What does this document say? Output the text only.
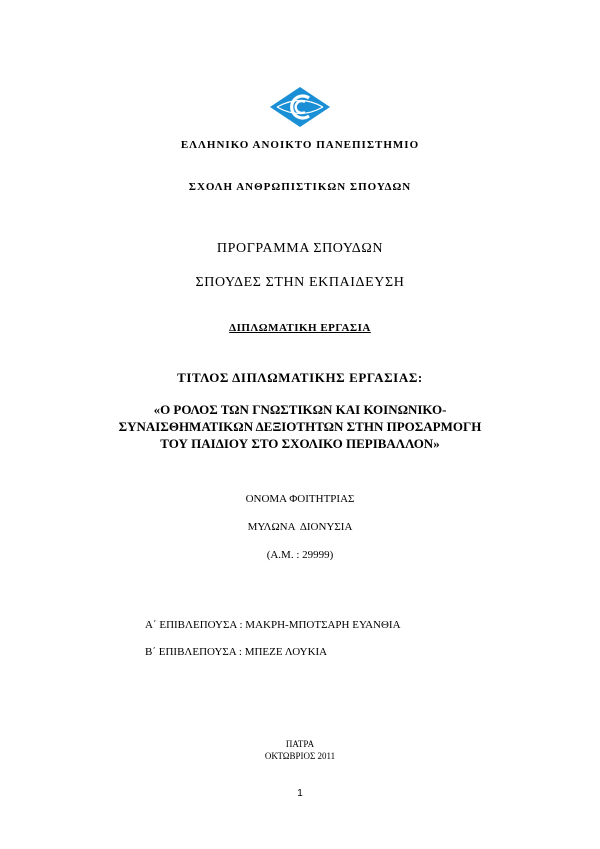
ΕΛΛΗΝΙΚΟ ΑΝΟΙΚΤΟ ΠΑΝΕΠΙΣΤΗΜΙΟ
ΣΧΟΛΗ ΑΝΘΡΩΠΙΣΤΙΚΩΝ ΣΠΟΥΔΩΝ
ΠΡΟΓΡΑΜΜΑ ΣΠΟΥΔΩΝ
ΣΠΟΥΔΕΣ ΣΤΗΝ ΕΚΠΑΙΔΕΥΣΗ
ΔΙΠΛΩΜΑΤΙΚΗ ΕΡΓΑΣΙΑ
ΤΙΤΛΟΣ ΔΙΠΛΩΜΑΤΙΚΗΣ ΕΡΓΑΣΙΑΣ:
«Ο ΡΟΛΟΣ ΤΩΝ ΓΝΩΣΤΙΚΩΝ ΚΑΙ ΚΟΙΝΩΝΙΚΟ-
ΣΥΝΑΙΣΘΗΜΑΤΙΚΩΝ ΔΕΞΙΟΤΗΤΩΝ ΣΤΗΝ ΠΡΟΣΑΡΜΟΓΗ
ΤΟΥ ΠΑΙΔΙΟΥ ΣΤΟ ΣΧΟΛΙΚΟ ΠΕΡΙΒΑΛΛΟΝ»
ΟΝΟΜΑ ΦΟΙΤΗΤΡΙΑΣ
ΜΥΛΩΝΑ  ΔΙΟΝΥΣΙΑ
(Α.Μ. : 29999)
Α΄ ΕΠΙΒΛΕΠΟΥΣΑ : ΜΑΚΡΗ-ΜΠΟΤΣΑΡΗ ΕΥΑΝΘΙΑ
Β΄ ΕΠΙΒΛΕΠΟΥΣΑ : ΜΠΕΖΕ ΛΟΥΚΙΑ
ΠΑΤΡΑ
ΟΚΤΩΒΡΙΟΣ 2011
1
